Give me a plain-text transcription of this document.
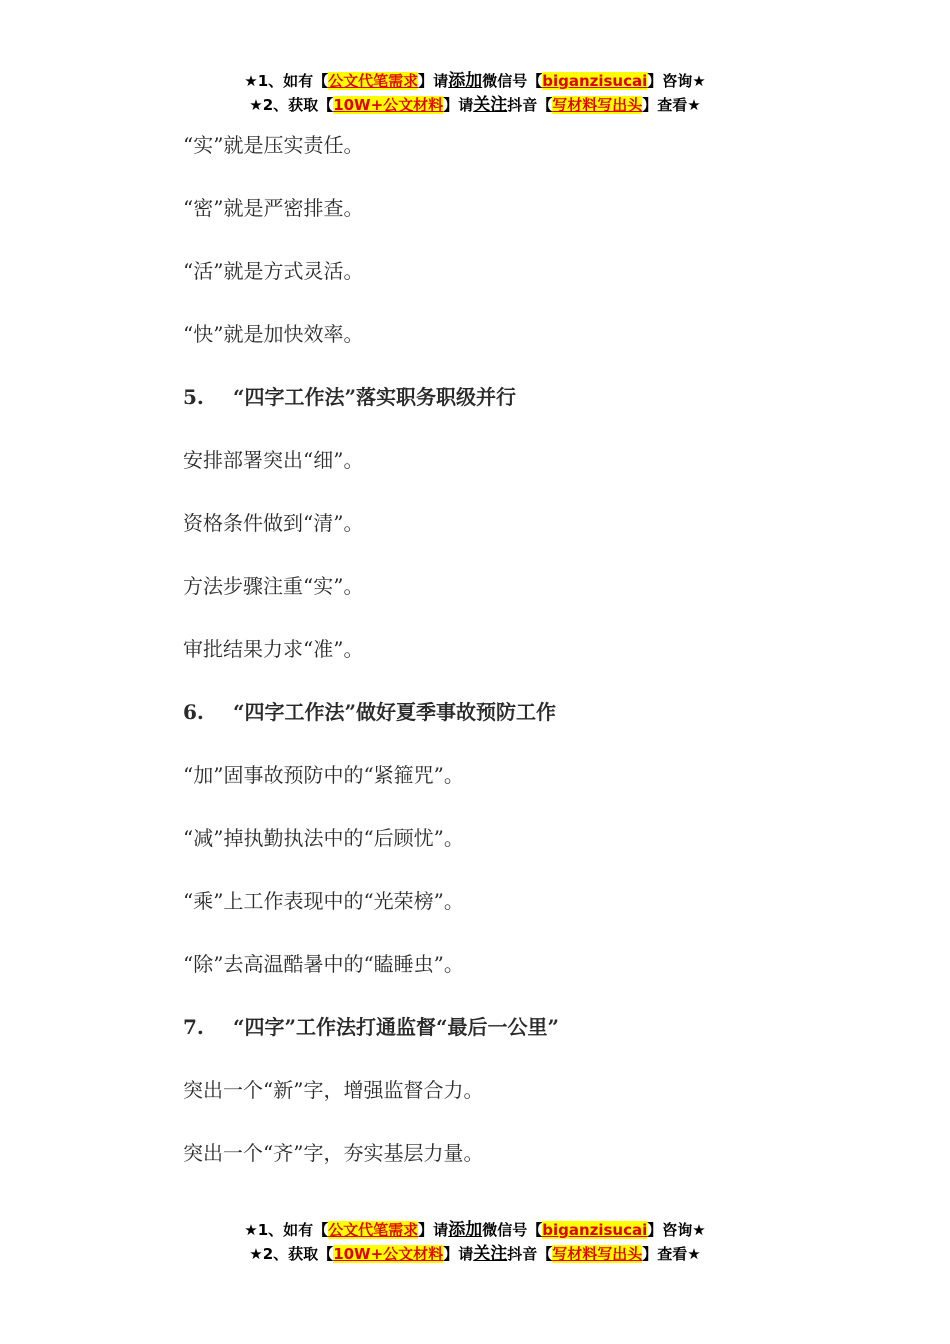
★1、如有【公文代笔需求】请添加微信号【biganzisucai】咨询★
★2、获取【10W+公文材料】请关注抖音【写材料写出头】查看★
“实”就是压实责任。
“密”就是严密排查。
“活”就是方式灵活。
“快”就是加快效率。
5. “四字工作法”落实职务职级并行
安排部署突出“细”。
资格条件做到“清”。
方法步骤注重“实”。
审批结果力求“准”。
6. “四字工作法”做好夏季事故预防工作
“加”固事故预防中的“紧箍咒”。
“减”掉执勤执法中的“后顾忧”。
“乘”上工作表现中的“光荣榜”。
“除”去高温酷暑中的“瞌睡虫”。
7. “四字”工作法打通监督“最后一公里”
突出一个“新”字，增强监督合力。
突出一个“齐”字，夯实基层力量。
★1、如有【公文代笔需求】请添加微信号【biganzisucai】咨询★
★2、获取【10W+公文材料】请关注抖音【写材料写出头】查看★
